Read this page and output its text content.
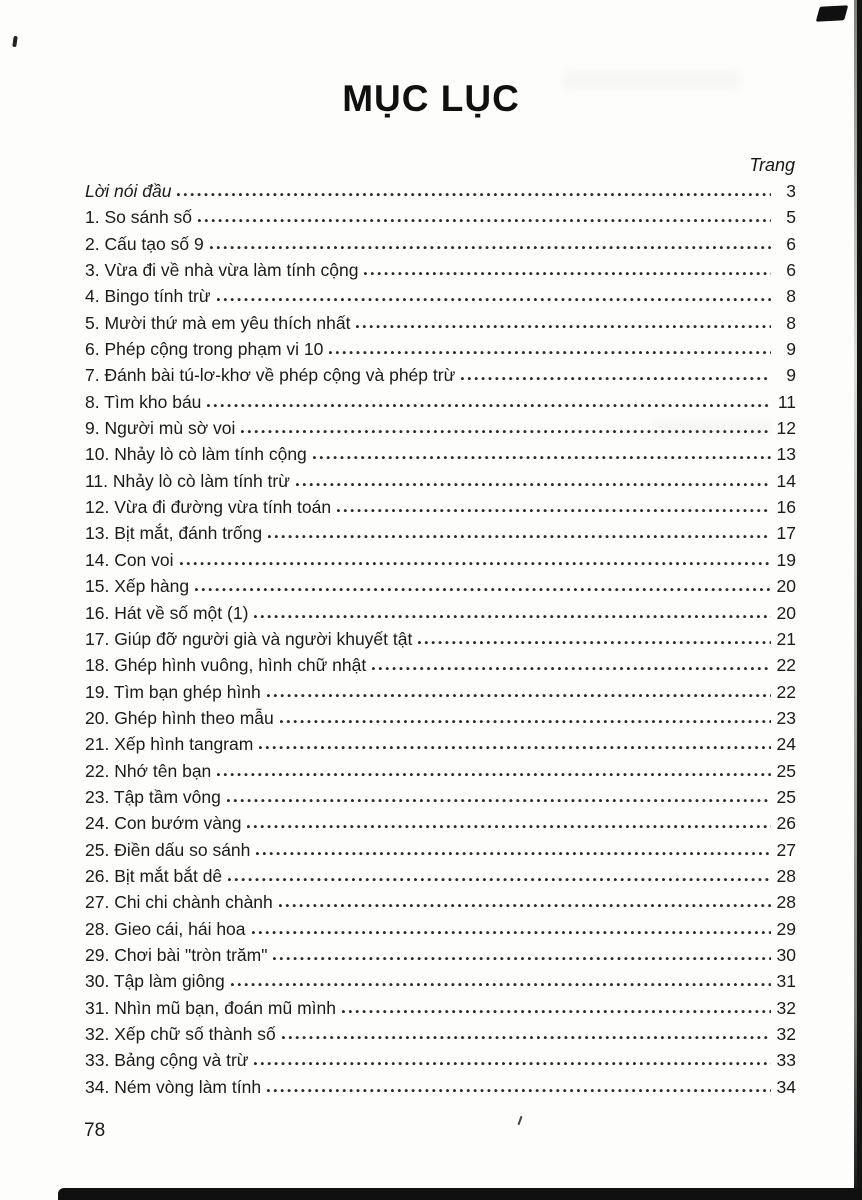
MỤC LỤC
Trang
Lời nói đầu	3
1. So sánh số	5
2. Cấu tạo số 9	6
3. Vừa đi về nhà vừa làm tính cộng	6
4. Bingo tính trừ	8
5. Mười thứ mà em yêu thích nhất	8
6. Phép cộng trong phạm vi 10	9
7. Đánh bài tú-lơ-khơ về phép cộng và phép trừ	9
8. Tìm kho báu	11
9. Người mù sờ voi	12
10. Nhảy lò cò làm tính cộng	13
11. Nhảy lò cò làm tính trừ	14
12. Vừa đi đường vừa tính toán	16
13. Bịt mắt, đánh trống	17
14. Con voi	19
15. Xếp hàng	20
16. Hát về số một (1)	20
17. Giúp đỡ người già và người khuyết tật	21
18. Ghép hình vuông, hình chữ nhật	22
19. Tìm bạn ghép hình	22
20. Ghép hình theo mẫu	23
21. Xếp hình tangram	24
22. Nhớ tên bạn	25
23. Tập tầm vông	25
24. Con bướm vàng	26
25. Điền dấu so sánh	27
26. Bịt mắt bắt dê	28
27. Chi chi chành chành	28
28. Gieo cái, hái hoa	29
29. Chơi bài "tròn trăm"	30
30. Tập làm giông	31
31. Nhìn mũ bạn, đoán mũ mình	32
32. Xếp chữ số thành số	32
33. Bảng cộng và trừ	33
34. Ném vòng làm tính	34
78
